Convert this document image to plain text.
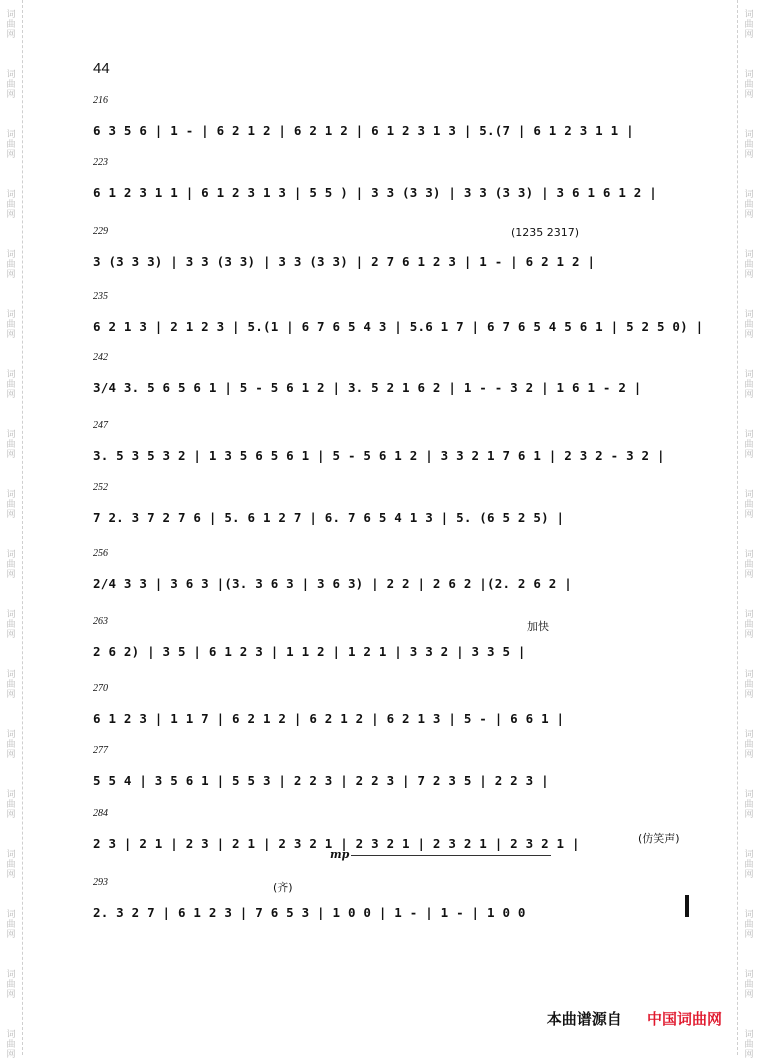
词
曲
网
词
曲
网
词
曲
网
词
曲
网
词
曲
网
词
曲
网
词
曲
网
词
曲
网
词
曲
网
词
曲
网
词
曲
网
词
曲
网
词
曲
网
词
曲
网
词
曲
网
词
曲
网
词
曲
网
词
曲
网
词
曲
网
词
曲
网
词
曲
网
词
曲
网
词
曲
网
词
曲
网
词
曲
网
词
曲
网
词
曲
网
词
曲
网
词
曲
网
词
曲
网
词
曲
网
词
曲
网
词
曲
网
词
曲
网
词
曲
网
词
曲
网
44
216
6 3 5 6 | 1 - | 6 2 1 2 | 6 2 1 2 | 6 1 2 3 1 3 | 5.(7 | 6 1 2 3 1 1 |
223
6 1 2 3 1 1 | 6 1 2 3 1 3 | 5 5 ) | 3 3 (3 3) | 3 3 (3 3) | 3 6 1 6 1 2 |
229	(1235 2317)
3 (3 3 3) | 3 3 (3 3) | 3 3 (3 3) | 2 7 6 1 2 3 | 1 - | 6 2 1 2 |
235
6 2 1 3 | 2 1 2 3 | 5.(1 | 6 7 6 5 4 3 | 5.6 1 7 | 6 7 6 5 4 5 6 1 | 5 2 5 0) |
242
3/4 3. 5 6 5 6 1 | 5 - 5 6 1 2 | 3. 5 2 1 6 2 | 1 - - 3 2 | 1 6 1 - 2 |
247
3. 5 3 5 3 2 | 1 3 5 6 5 6 1 | 5 - 5 6 1 2 | 3 3 2 1 7 6 1 | 2 3 2 - 3 2 |
252
7 2. 3 7 2 7 6 | 5. 6 1 2 7 | 6. 7 6 5 4 1 3 | 5. (6 5 2 5) |
256
2/4 3 3 | 3 6 3 |(3. 3 6 3 | 3 6 3) | 2 2 | 2 6 2 |(2. 2 6 2 |
263	加快
2 6 2) | 3 5 | 6 1 2 3 | 1 1 2 | 1 2 1 | 3 3 2 | 3 3 5 |
270
6 1 2 3 | 1 1 7 | 6 2 1 2 | 6 2 1 2 | 6 2 1 3 | 5 - | 6 6 1 |
277
5 5 4 | 3 5 6 1 | 5 5 3 | 2 2 3 | 2 2 3 | 7 2 3 5 | 2 2 3 |
284
2 3 | 2 1 | 2 3 | 2 1 | 2 3 2 1 | 2 3 2 1 | 2 3 2 1 | 2 3 2 1 |	(仿笑声)
mp
293	(齐)
2. 3 2 7 | 6 1 2 3 | 7 6 5 3 | 1 0 0 | 1 - | 1 - | 1 0 0
本曲谱源自 中国词曲网
